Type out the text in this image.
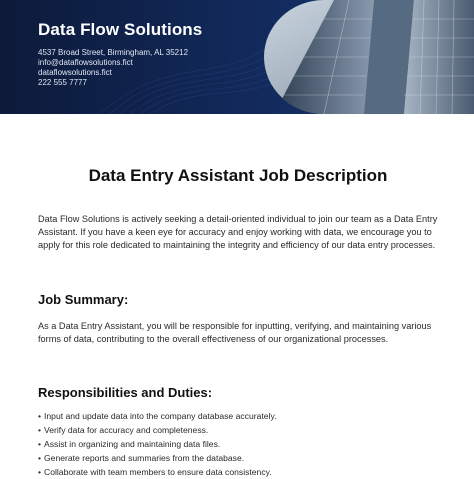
Data Flow Solutions
4537 Broad Street, Birmingham, AL 35212
info@dataflowsolutions.fict
dataflowsolutions.fict
222 555 7777
Data Entry Assistant Job Description

Data Flow Solutions is actively seeking a detail-oriented individual to join our team as a Data Entry Assistant. If you have a keen eye for accuracy and enjoy working with data, we encourage you to apply for this role dedicated to maintaining the integrity and efficiency of our data entry processes.

Job Summary:

As a Data Entry Assistant, you will be responsible for inputting, verifying, and maintaining various forms of data, contributing to the overall effectiveness of our organizational processes.

Responsibilities and Duties:
• Input and update data into the company database accurately.
• Verify data for accuracy and completeness.
• Assist in organizing and maintaining data files.
• Generate reports and summaries from the database.
• Collaborate with team members to ensure data consistency.
